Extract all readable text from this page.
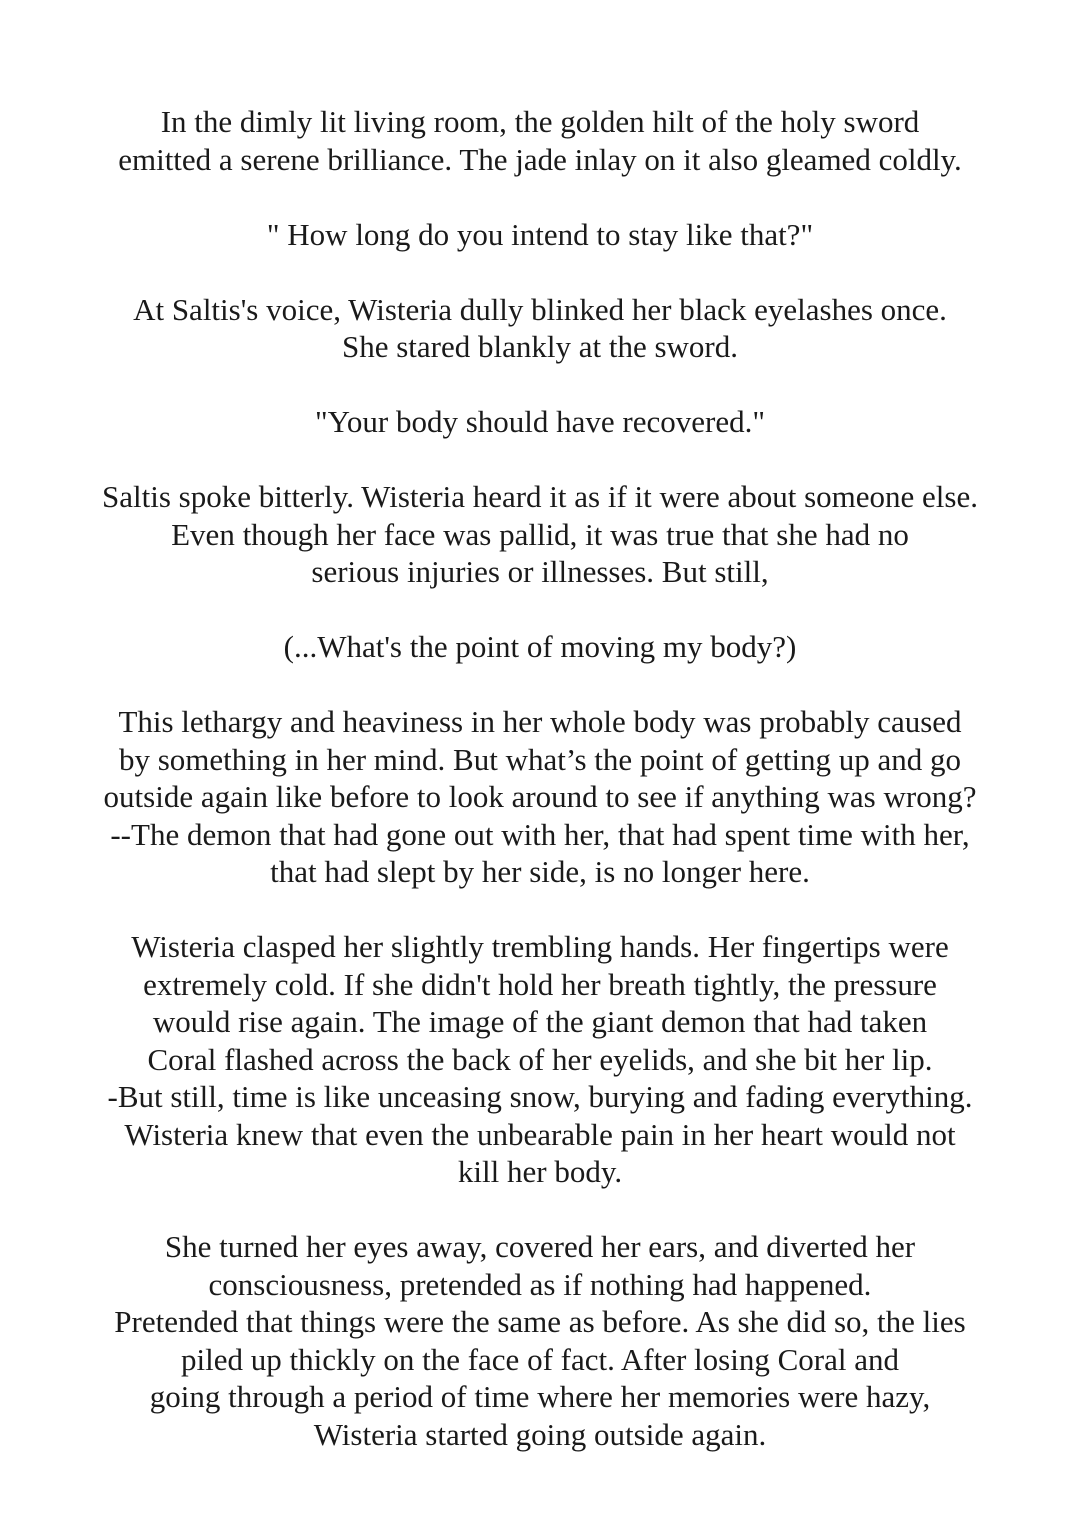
In the dimly lit living room, the golden hilt of the holy sword
emitted a serene brilliance. The jade inlay on it also gleamed coldly.

" How long do you intend to stay like that?"

At Saltis's voice, Wisteria dully blinked her black eyelashes once.
She stared blankly at the sword.

"Your body should have recovered."

Saltis spoke bitterly. Wisteria heard it as if it were about someone else.
Even though her face was pallid, it was true that she had no
serious injuries or illnesses. But still,

(...What's the point of moving my body?)

This lethargy and heaviness in her whole body was probably caused
by something in her mind. But what’s the point of getting up and go
outside again like before to look around to see if anything was wrong?
--The demon that had gone out with her, that had spent time with her,
that had slept by her side, is no longer here.

Wisteria clasped her slightly trembling hands. Her fingertips were
extremely cold. If she didn't hold her breath tightly, the pressure
would rise again. The image of the giant demon that had taken
Coral flashed across the back of her eyelids, and she bit her lip.
-But still, time is like unceasing snow, burying and fading everything.
Wisteria knew that even the unbearable pain in her heart would not
kill her body.

She turned her eyes away, covered her ears, and diverted her
consciousness, pretended as if nothing had happened.
Pretended that things were the same as before. As she did so, the lies
piled up thickly on the face of fact. After losing Coral and
going through a period of time where her memories were hazy,
Wisteria started going outside again.
